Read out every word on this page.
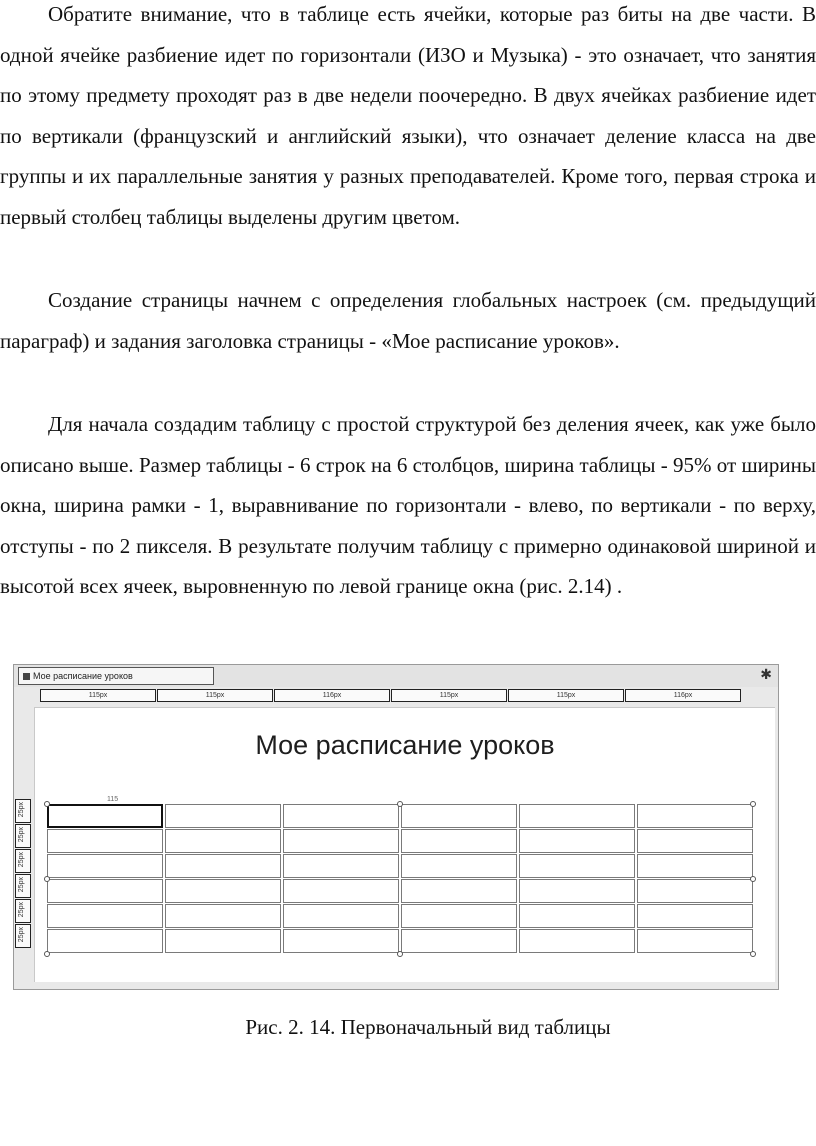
Обратите внимание, что в таблице есть ячейки, которые раз биты на две части. В одной ячейке разбиение идет по горизонтали (ИЗО и Музыка) - это означает, что занятия по этому предмету проходят раз в две недели поочередно. В двух ячейках разбиение идет по вертикали (французский и английский языки), что означает деление класса на две группы и их параллельные занятия у разных преподавателей. Кроме того, первая строка и первый столбец таблицы выделены другим цветом.

Создание страницы начнем с определения глобальных настроек (см. предыдущий параграф) и задания заголовка страницы - «Мое расписание уроков».

Для начала создадим таблицу с простой структурой без деления ячеек, как уже было описано выше. Размер таблицы - 6 строк на 6 столбцов, ширина таблицы - 95% от ширины окна, ширина рамки - 1, выравнивание по горизонтали - влево, по вертикали - по верху, отступы - по 2 пикселя. В результате получим таблицу с примерно одинаковой шириной и высотой всех ячеек, выровненную по левой границе окна (рис. 2.14) .

Мое расписание уроков	✱
115px	115px	116px	115px	115px	116px
25px
25px
25px
25px
25px
25px
Мое расписание уроков
115
Рис. 2. 14. Первоначальный вид таблицы
